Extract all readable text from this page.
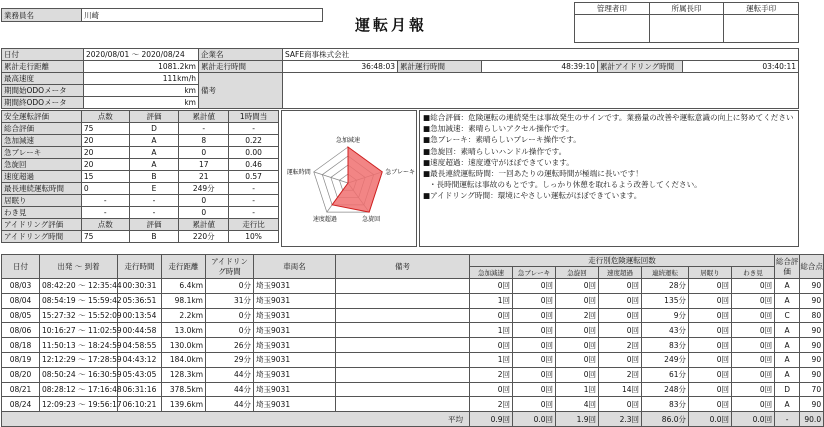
業務員名	川崎
運転月報
管理者印	所属長印	運転手印

日付	2020/08/01 ～ 2020/08/24	企業名	SAFE商事株式会社				
累計走行距離	1081.2km	累計走行時間	36:48:03	累計運行時間	48:39:10	累計アイドリング時間	03:40:11
最高速度	111km/h	備考					
期間始ODOメータ	km						
期間終ODOメータ	km						
安全運転評価	点数	評価	累計値	1時間当
総合評価	75	D	-	-
急加減速	20	A	8	0.22
急ブレーキ	20	A	0	0.00
急旋回	20	A	17	0.46
速度超過	15	B	21	0.57
最長連続運転時間	0	E	249分	-
居眠り	-	-	0	-
わき見	-	-	0	-
アイドリング評価	点数	評価	累計値	走行比
アイドリング時間	75	B	220分	10%
急加減速
急ブレーキ
急旋回
速度超過
運転時間
■総合評価：危険運転の連続発生は事故発生のサインです。業務量の改善や運転意識の向上に努めてください
■急加減速：素晴らしいアクセル操作です。
■急ブレーキ：素晴らしいブレーキ操作です。
■急旋回：素晴らしいハンドル操作です。
■速度超過：速度遵守がほぼできています。
■最長連続運転時間：一回あたりの運転時間が極端に長いです！
・長時間運転は事故のもとです。しっかり休憩を取れるよう改善してください。
■アイドリング時間：環境にやさしい運転がほぼできています。
日付	出発 ～ 到着	走行時間	走行距離	アイドリング時間	車両名	備考	走行別危険運転回数							総合評価	総合点
							急加減速	急ブレーキ	急旋回	速度超過	連続運転	居眠り	わき見		
08/03	08:42:20 ～ 12:35:44	00:30:31	6.4km	0分	埼玉9031		0回	0回	0回	0回	28分	0回	0回	A	90
08/04	08:54:19 ～ 15:59:42	05:36:51	98.1km	31分	埼玉9031		1回	0回	0回	0回	135分	0回	0回	A	90
08/05	15:27:32 ～ 15:52:09	00:13:54	2.2km	0分	埼玉9031		0回	0回	2回	0回	9分	0回	0回	C	80
08/06	10:16:27 ～ 11:02:59	00:44:58	13.0km	0分	埼玉9031		1回	0回	0回	0回	43分	0回	0回	A	90
08/18	11:50:13 ～ 18:24:59	04:58:55	130.0km	26分	埼玉9031		0回	0回	0回	2回	83分	0回	0回	A	90
08/19	12:12:29 ～ 17:28:59	04:43:12	184.0km	29分	埼玉9031		1回	0回	0回	0回	249分	0回	0回	A	90
08/20	08:50:24 ～ 16:30:59	05:43:05	128.3km	44分	埼玉9031		2回	0回	0回	2回	61分	0回	0回	A	90
08/21	08:28:12 ～ 17:16:48	06:31:16	378.5km	44分	埼玉9031		0回	0回	1回	14回	248分	0回	0回	D	70
08/24	12:09:23 ～ 19:56:17	06:10:21	139.6km	44分	埼玉9031		2回	0回	4回	0回	83分	0回	0回	A	90
平均							0.9回	0.0回	1.9回	2.3回	86.0分	0.0回	0.0回	-	90.0
